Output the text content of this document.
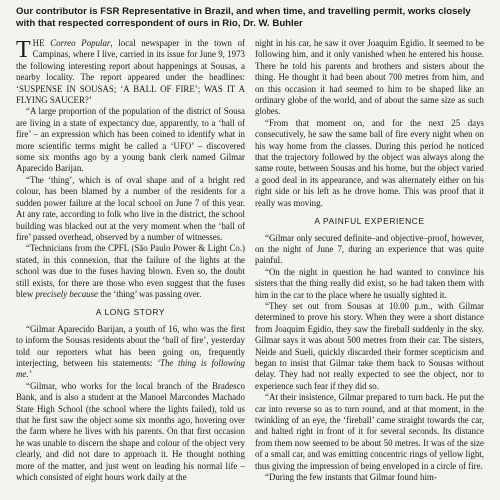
Our contributor is FSR Representative in Brazil, and when time, and travelling permit, works closely with that respected correspondent of ours in Rio, Dr. W. Buhler

THE Correo Popular, local newspaper in the town of Campinas, where I live, carried in its issue for June 9, 1973 the following interesting report about happenings at Sousas, a nearby locality. The report appeared under the headlines: ‘SUSPENSE IN SOUSAS; ‘A BALL OF FIRE’; WAS IT A FLYING SAUCER?’

“A large proportion of the population of the district of Sousa are living in a state of expectancy due, apparently, to a ‘ball of fire’ – an expression which has been coined to identify what in more scientific terms might be called a ‘UFO’ – discovered some six months ago by a young bank clerk named Gilmar Aparecido Barijan.

“The ‘thing’, which is of oval shape and of a bright red colour, has been blamed by a number of the residents for a sudden power failure at the local school on June 7 of this year. At any rate, according to folk who live in the district, the school building was blacked out at the very moment when the ‘ball of fire’ passed overhead, observed by a number of witnesses.

“Technicians from the CPFL (São Paulo Power & Light Co.) stated, in this connexion, that the failure of the lights at the school was due to the fuses having blown. Even so, the doubt still exists, for there are those who even suggest that the fuses blew precisely because the ‘thing’ was passing over.

A LONG STORY

“Gilmar Aparecido Barijan, a youth of 16, who was the first to inform the Sousas residents about the ‘ball of fire’, yesterday told our reporters what has been going on, frequently interjecting, between his statements: ‘The thing is following me.’

“Gilmar, who works for the local branch of the Bradesco Bank, and is also a student at the Manoel Marcondes Machado State High School (the school where the lights failed), told us that he first saw the object some six months ago, hovering over the farm where he lives with his parents. On that first occasion he was unable to discern the shape and colour of the object very clearly, and did not dare to approach it. He thought nothing more of the matter, and just went on leading his normal life – which consisted of eight hours work daily at the

night in his car, he saw it over Joaquim Egidio. It seemed to be following him, and it only vanished when he entered his house. There he told his parents and brothers and sisters about the thing. He thought it had been about 700 metres from him, and on this occasion it had seemed to him to be shaped like an ordinary globe of the world, and of about the same size as such globes.

“From that moment on, and for the next 25 days consecutively, he saw the same ball of fire every night when on his way home from the classes. During this period he noticed that the trajectory followed by the object was always along the same route, between Sousas and his home, but the object varied a good deal in its appearance, and was alternately either on his right side or his left as he drove home. This was proof that it really was moving.

A PAINFUL EXPERIENCE

“Gilmar only secured definite–and objective–proof, however, on the night of June 7, during an experience that was quite painful.

“On the night in question he had wanted to convince his sisters that the thing really did exist, so he had taken them with him in the car to the place where he usually sighted it.

“They set out from Sousas at 10.00 p.m., with Gilmar determined to prove his story. When they were a short distance from Joaquim Egidio, they saw the fireball suddenly in the sky. Gilmar says it was about 500 metres from their car. The sisters, Neide and Sueli, quickly discarded their former scepticism and began to insist that Gilmar take them back to Sousas without delay. They had not really expected to see the object, nor to experience such fear if they did so.

“At their insistence, Gilmar prepared to turn back. He put the car into reverse so as to turn round, and at that moment, in the twinkling of an eye, the ‘fireball’ came straight towards the car, and halted right in front of it for several seconds. Its distance from them now seemed to be about 50 metres. It was of the size of a small car, and was emitting concentric rings of yellow light, thus giving the impression of being enveloped in a circle of fire.

“During the few instants that Gilmar found him-
